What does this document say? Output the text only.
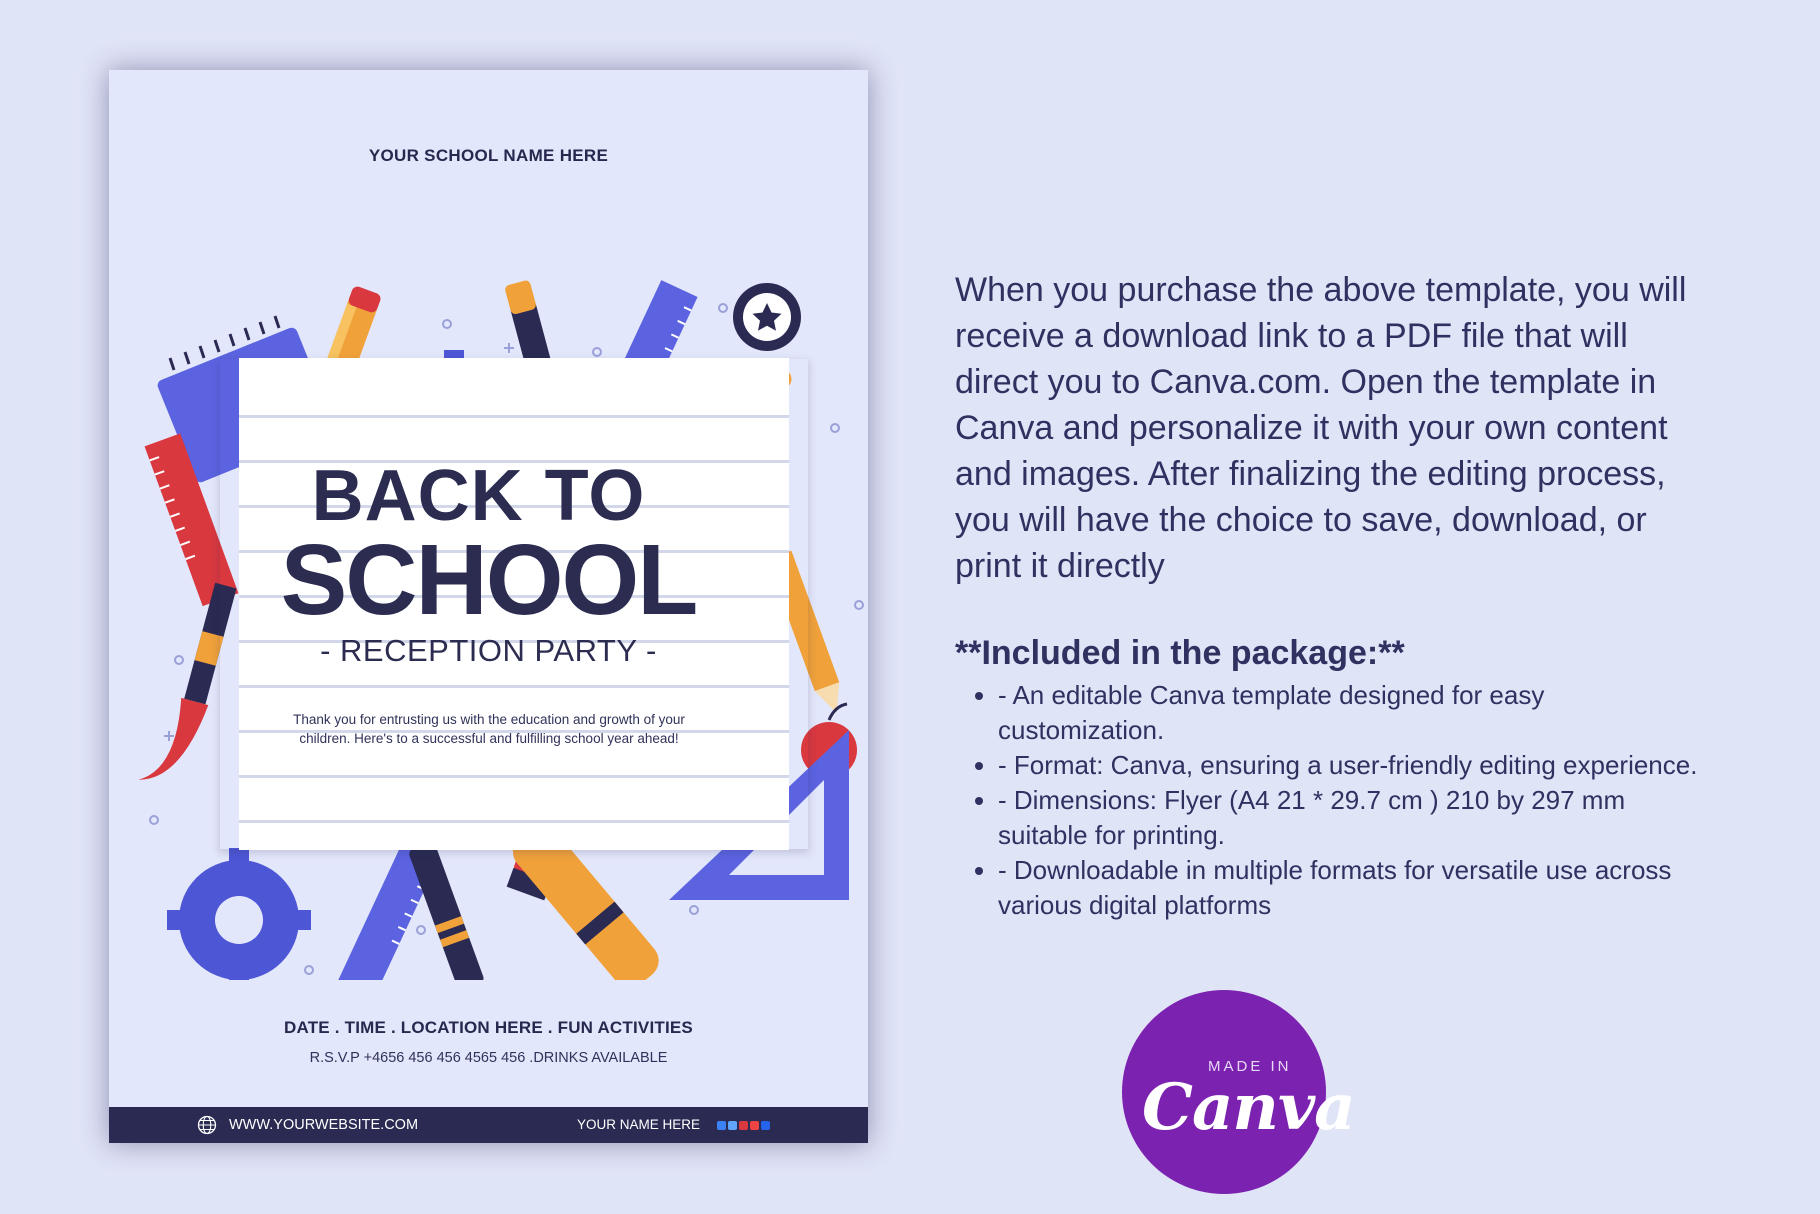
YOUR SCHOOL NAME HERE
BACK TO
SCHOOL
- RECEPTION PARTY -
Thank you for entrusting us with the education and growth of your children. Here's to a successful and fulfilling school year ahead!
DATE . TIME . LOCATION HERE . FUN ACTIVITIES
R.S.V.P +4656 456 456 4565 456 .DRINKS AVAILABLE
WWW.YOURWEBSITE.COM	YOUR NAME HERE
When you purchase the above template, you will receive a download link to a PDF file that will direct you to Canva.com. Open the template in Canva and personalize it with your own content and images. After finalizing the editing process, you will have the choice to save, download, or print it directly
**Included in the package:**
• - An editable Canva template designed for easy customization.
• - Format: Canva, ensuring a user-friendly editing experience.
• - Dimensions: Flyer (A4 21 * 29.7 cm ) 210 by 297 mm suitable for printing.
• - Downloadable in multiple formats for versatile use across various digital platforms
MADE IN
Canva
